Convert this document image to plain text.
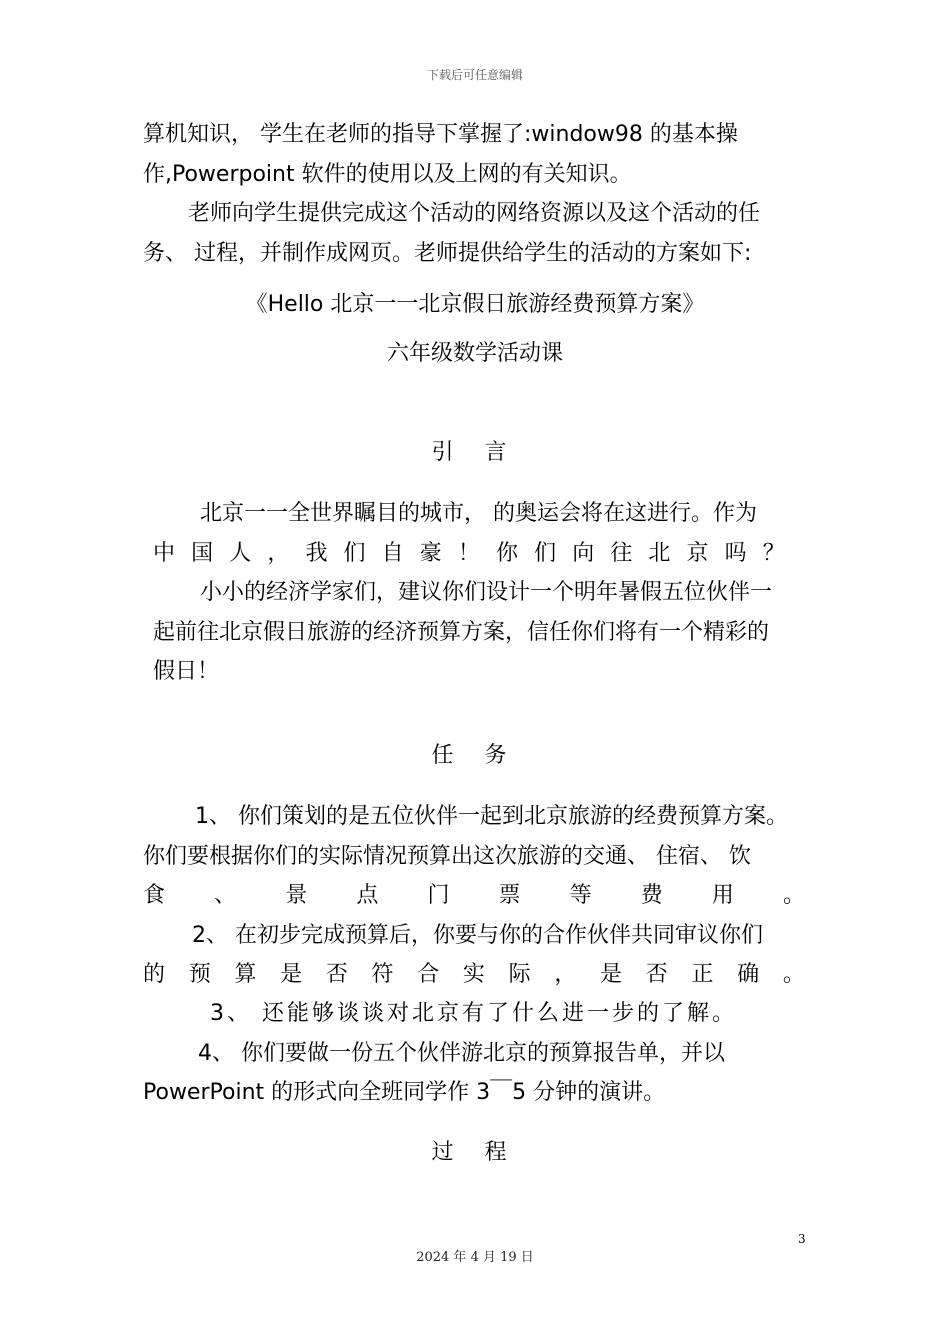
下载后可任意编辑
算机知识， 学生在老师的指导下掌握了:window98 的基本操
作,Powerpoint 软件的使用以及上网的有关知识。
老师向学生提供完成这个活动的网络资源以及这个活动的任
务、 过程，并制作成网页。老师提供给学生的活动的方案如下:
《Hello 北京一一北京假日旅游经费预算方案》
六年级数学活动课
引 言
北京一一全世界瞩目的城市， 的奥运会将在这进行。作为
中 国 人 ， 我 们 自 豪 ！ 你 们 向 往 北 京 吗 ？
小小的经济学家们，建议你们设计一个明年暑假五位伙伴一
起前往北京假日旅游的经济预算方案，信任你们将有一个精彩的
假日！
任 务
1、 你们策划的是五位伙伴一起到北京旅游的经费预算方案。
你们要根据你们的实际情况预算出这次旅游的交通、 住宿、 饮
食 、 景 点 门 票 等 费 用 。
2、 在初步完成预算后，你要与你的合作伙伴共同审议你们
的 预 算 是 否 符 合 实 际 ， 是 否 正 确 。
3、 还能够谈谈对北京有了什么进一步的了解。
4、 你们要做一份五个伙伴游北京的预算报告单，并以
PowerPoint 的形式向全班同学作 3￣5 分钟的演讲。
过 程
3
2024 年 4 月 19 日
